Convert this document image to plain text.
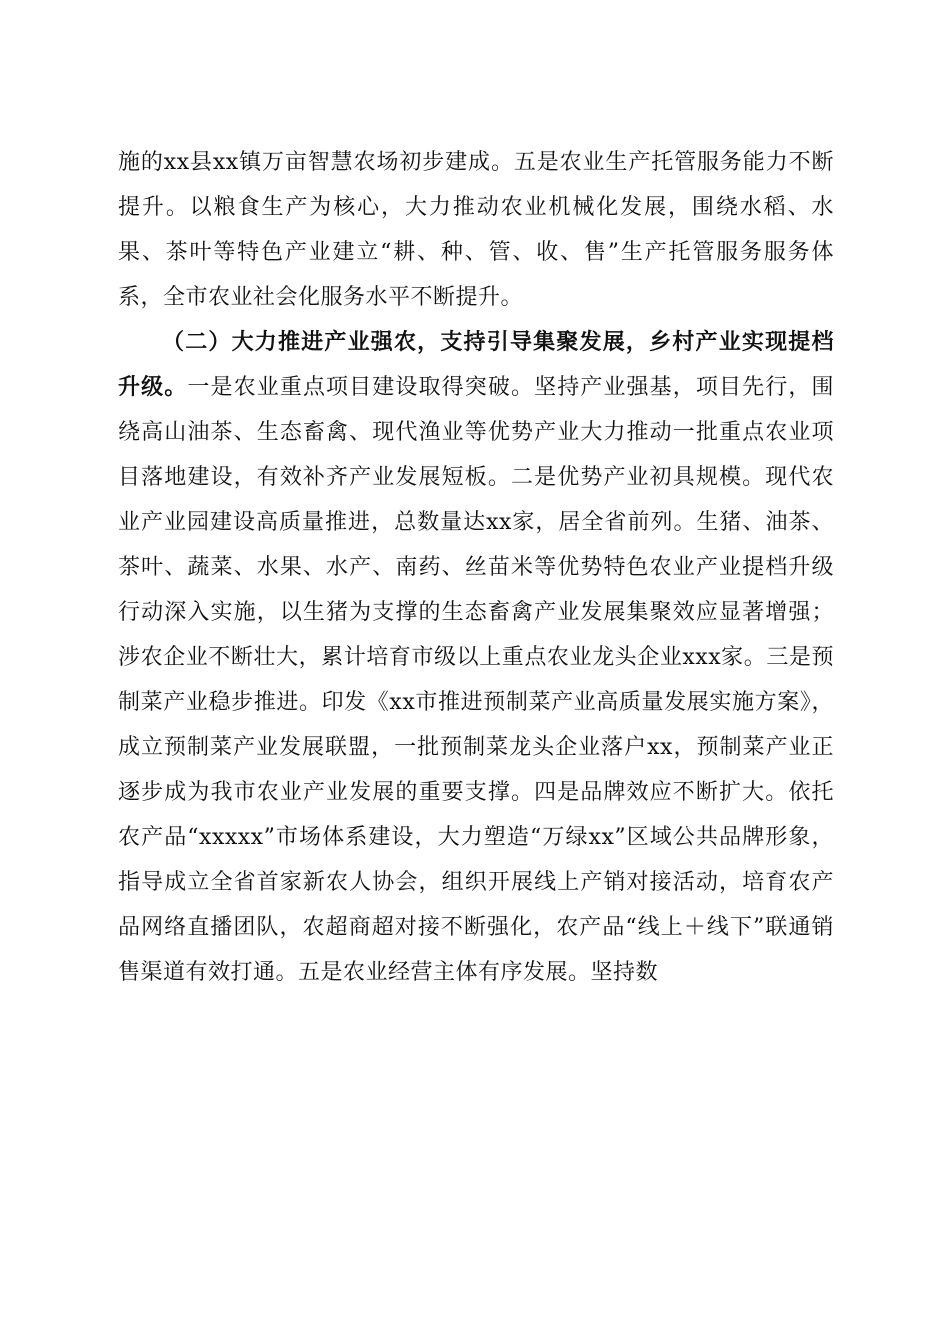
施的xx县xx镇万亩智慧农场初步建成。五是农业生产托管服务能力不断提升。以粮食生产为核心，大力推动农业机械化发展，围绕水稻、水果、茶叶等特色产业建立“耕、种、管、收、售”生产托管服务服务体系，全市农业社会化服务水平不断提升。

（二）大力推进产业强农，支持引导集聚发展，乡村产业实现提档升级。一是农业重点项目建设取得突破。坚持产业强基，项目先行，围绕高山油茶、生态畜禽、现代渔业等优势产业大力推动一批重点农业项目落地建设，有效补齐产业发展短板。二是优势产业初具规模。现代农业产业园建设高质量推进，总数量达xx家，居全省前列。生猪、油茶、茶叶、蔬菜、水果、水产、南药、丝苗米等优势特色农业产业提档升级行动深入实施，以生猪为支撑的生态畜禽产业发展集聚效应显著增强；涉农企业不断壮大，累计培育市级以上重点农业龙头企业xxx家。三是预制菜产业稳步推进。印发《xx市推进预制菜产业高质量发展实施方案》，成立预制菜产业发展联盟，一批预制菜龙头企业落户xx，预制菜产业正逐步成为我市农业产业发展的重要支撑。四是品牌效应不断扩大。依托农产品“xxxxx”市场体系建设，大力塑造“万绿xx”区域公共品牌形象，指导成立全省首家新农人协会，组织开展线上产销对接活动，培育农产品网络直播团队，农超商超对接不断强化，农产品“线上＋线下”联通销售渠道有效打通。五是农业经营主体有序发展。坚持数
